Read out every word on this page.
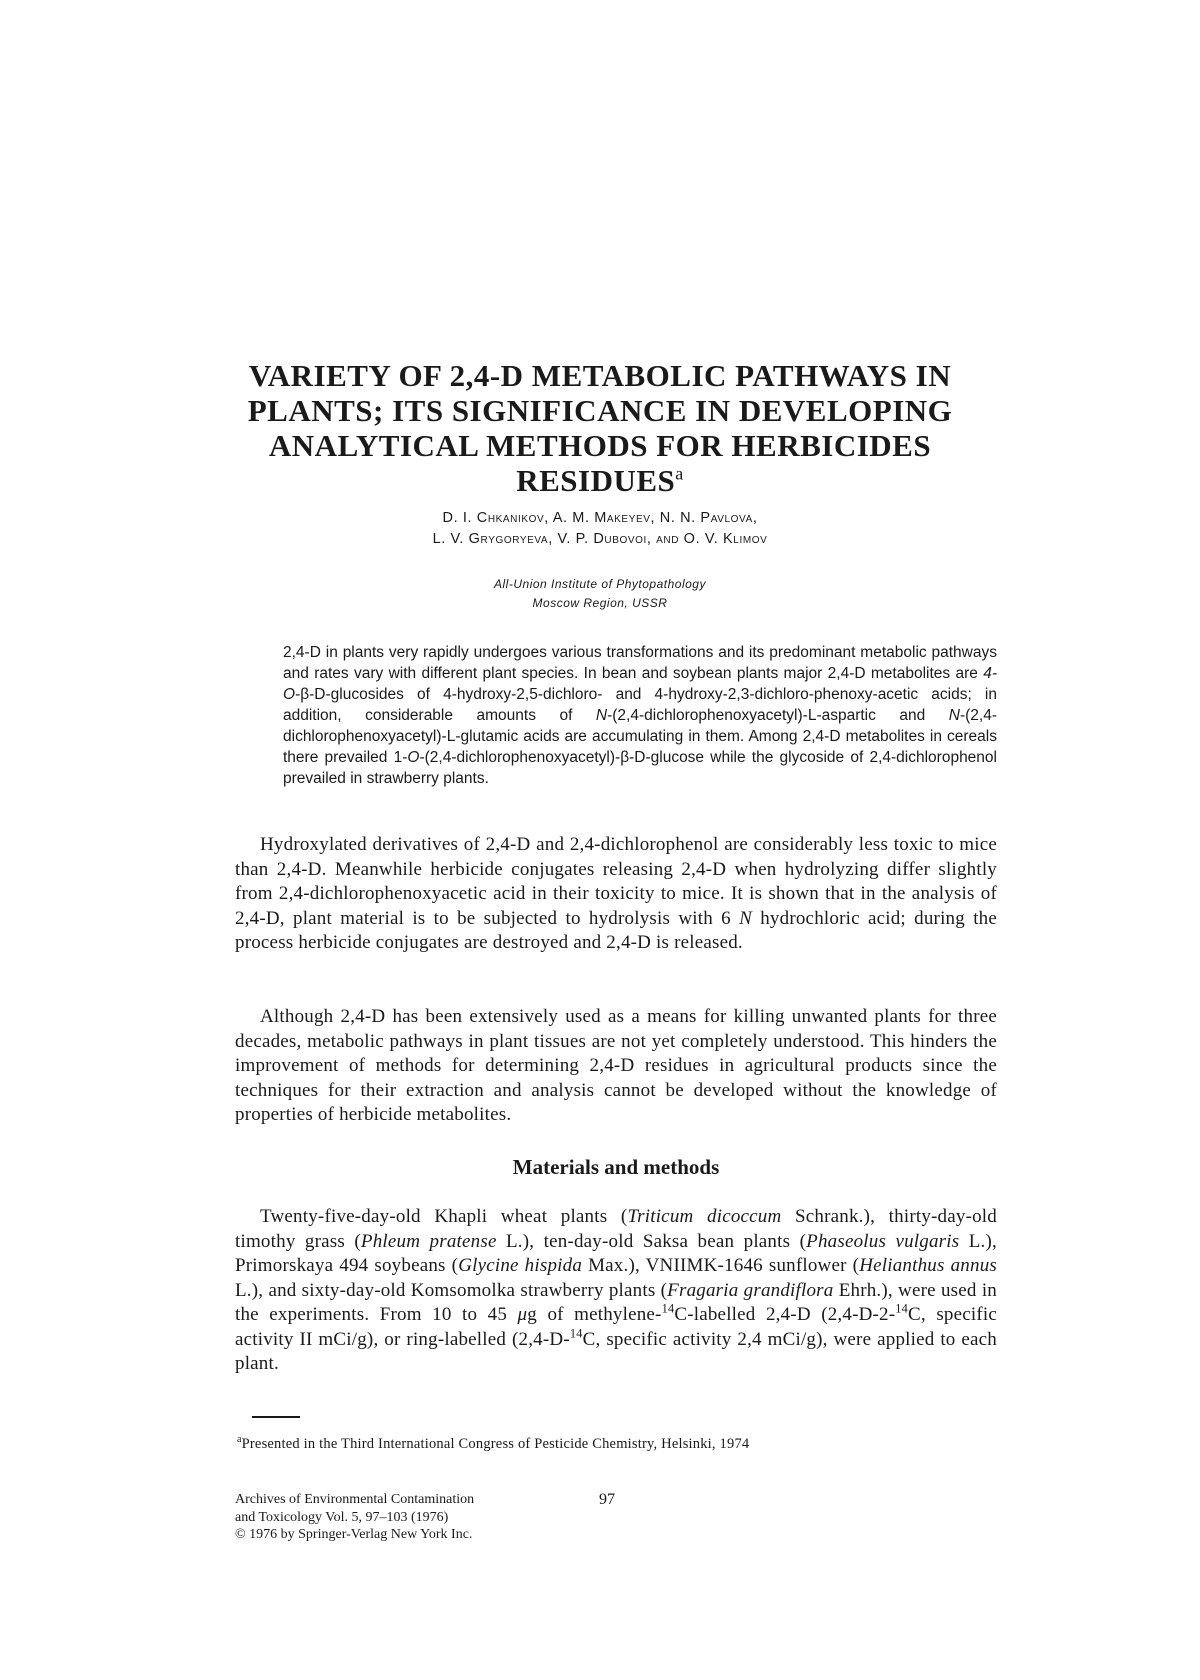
VARIETY OF 2,4-D METABOLIC PATHWAYS IN
PLANTS; ITS SIGNIFICANCE IN DEVELOPING
ANALYTICAL METHODS FOR HERBICIDES
RESIDUES$^a$
D. I. Chkanikov, A. M. Makeyev, N. N. Pavlova,
L. V. Grygoryeva, V. P. Dubovoi, and O. V. Klimov
All-Union Institute of Phytopathology
Moscow Region, USSR

2,4-D in plants very rapidly undergoes various transformations and its predominant metabolic pathways and rates vary with different plant species. In bean and soybean plants major 2,4-D metabolites are 4-O-β-D-glucosides of 4-hydroxy-2,5-dichloro- and 4-hydroxy-2,3-dichloro-phenoxy-acetic acids; in addition, considerable amounts of N-(2,4-dichlorophenoxyacetyl)-L-aspartic and N-(2,4-dichlorophenoxyacetyl)-L-glutamic acids are accumulating in them. Among 2,4-D metabolites in cereals there prevailed 1-O-(2,4-dichlorophenoxyacetyl)-β-D-glucose while the glycoside of 2,4-dichlorophenol prevailed in strawberry plants.

Hydroxylated derivatives of 2,4-D and 2,4-dichlorophenol are considerably less toxic to mice than 2,4-D. Meanwhile herbicide conjugates releasing 2,4-D when hydrolyzing differ slightly from 2,4-dichlorophenoxyacetic acid in their toxicity to mice. It is shown that in the analysis of 2,4-D, plant material is to be subjected to hydrolysis with 6 N hydrochloric acid; during the process herbicide conjugates are destroyed and 2,4-D is released.

Although 2,4-D has been extensively used as a means for killing unwanted plants for three decades, metabolic pathways in plant tissues are not yet completely understood. This hinders the improvement of methods for determining 2,4-D residues in agricultural products since the techniques for their extraction and analysis cannot be developed without the knowledge of properties of herbicide metabolites.

Materials and methods

Twenty-five-day-old Khapli wheat plants (Triticum dicoccum Schrank.), thirty-day-old timothy grass (Phleum pratense L.), ten-day-old Saksa bean plants (Phaseolus vulgaris L.), Primorskaya 494 soybeans (Glycine hispida Max.), VNIIMK-1646 sunflower (Helianthus annus L.), and sixty-day-old Komsomolka strawberry plants (Fragaria grandiflora Ehrh.), were used in the experiments. From 10 to 45 μg of methylene-$^{14}$C-labelled 2,4-D (2,4-D-2-$^{14}$C, specific activity II mCi/g), or ring-labelled (2,4-D-$^{14}$C, specific activity 2,4 mCi/g), were applied to each plant.

$^a$Presented in the Third International Congress of Pesticide Chemistry, Helsinki, 1974

Archives of Environmental Contamination
and Toxicology Vol. 5, 97–103 (1976)
© 1976 by Springer-Verlag New York Inc.
97
